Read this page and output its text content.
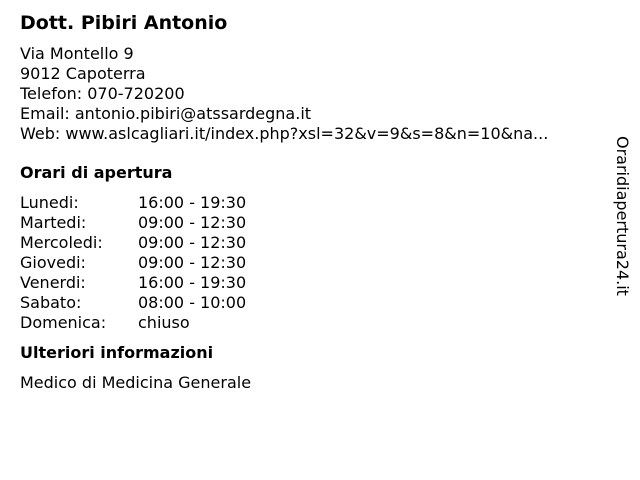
Dott. Pibiri Antonio
Via Montello 9
9012 Capoterra
Telefon: 070-720200
Email: antonio.pibiri@atssardegna.it
Web: www.aslcagliari.it/index.php?xsl=32&v=9&s=8&n=10&na...
Orari di apertura
Lunedi:	16:00 - 19:30
Martedi:	09:00 - 12:30
Mercoledi:	09:00 - 12:30
Giovedi:	09:00 - 12:30
Venerdi:	16:00 - 19:30
Sabato:	08:00 - 10:00
Domenica:	chiuso
Ulteriori informazioni
Medico di Medicina Generale
Oraridiapertura24.it
